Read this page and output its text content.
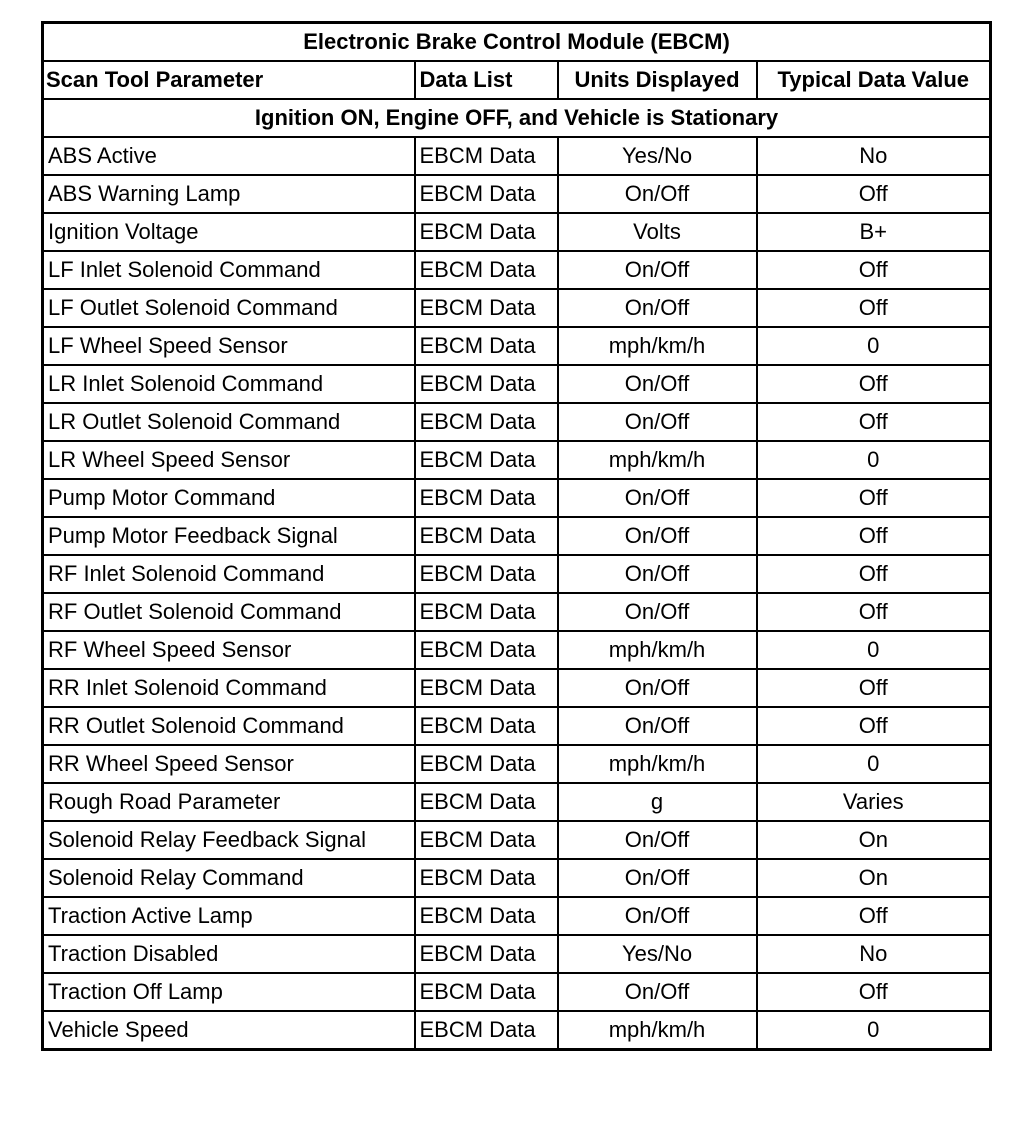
Electronic Brake Control Module (EBCM)			
Scan Tool Parameter	Data List	Units Displayed	Typical Data Value
Ignition ON, Engine OFF, and Vehicle is Stationary			
ABS Active	EBCM Data	Yes/No	No
ABS Warning Lamp	EBCM Data	On/Off	Off
Ignition Voltage	EBCM Data	Volts	B+
LF Inlet Solenoid Command	EBCM Data	On/Off	Off
LF Outlet Solenoid Command	EBCM Data	On/Off	Off
LF Wheel Speed Sensor	EBCM Data	mph/km/h	0
LR Inlet Solenoid Command	EBCM Data	On/Off	Off
LR Outlet Solenoid Command	EBCM Data	On/Off	Off
LR Wheel Speed Sensor	EBCM Data	mph/km/h	0
Pump Motor Command	EBCM Data	On/Off	Off
Pump Motor Feedback Signal	EBCM Data	On/Off	Off
RF Inlet Solenoid Command	EBCM Data	On/Off	Off
RF Outlet Solenoid Command	EBCM Data	On/Off	Off
RF Wheel Speed Sensor	EBCM Data	mph/km/h	0
RR Inlet Solenoid Command	EBCM Data	On/Off	Off
RR Outlet Solenoid Command	EBCM Data	On/Off	Off
RR Wheel Speed Sensor	EBCM Data	mph/km/h	0
Rough Road Parameter	EBCM Data	g	Varies
Solenoid Relay Feedback Signal	EBCM Data	On/Off	On
Solenoid Relay Command	EBCM Data	On/Off	On
Traction Active Lamp	EBCM Data	On/Off	Off
Traction Disabled	EBCM Data	Yes/No	No
Traction Off Lamp	EBCM Data	On/Off	Off
Vehicle Speed	EBCM Data	mph/km/h	0
